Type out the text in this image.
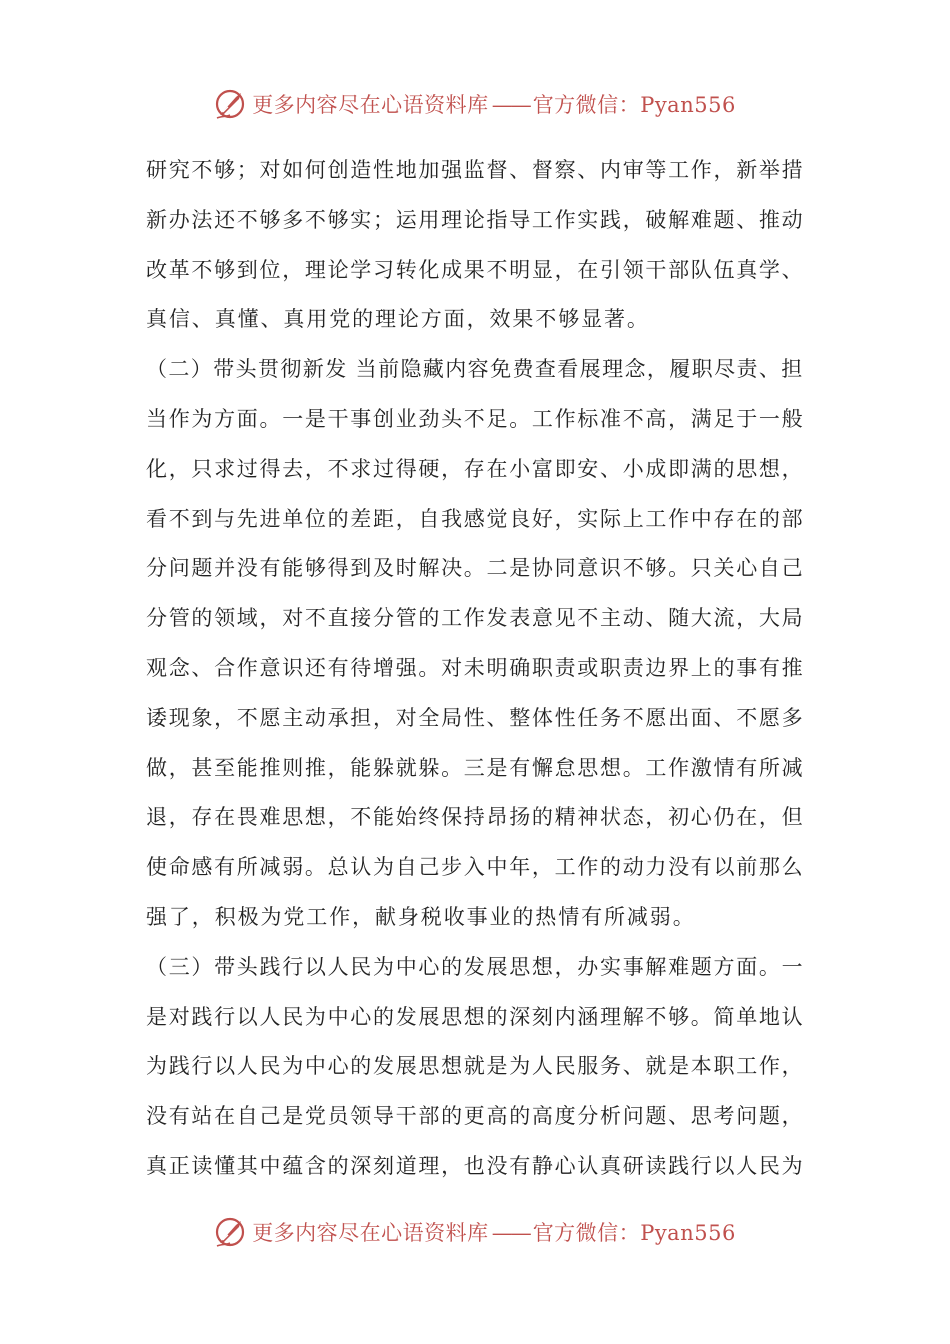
更多内容尽在心语资料库 —— 官方微信：Pyan556
研究不够；对如何创造性地加强监督、督察、内审等工作，新举措
新办法还不够多不够实；运用理论指导工作实践，破解难题、推动
改革不够到位，理论学习转化成果不明显，在引领干部队伍真学、
真信、真懂、真用党的理论方面，效果不够显著。
（二）带头贯彻新发 当前隐藏内容免费查看展理念，履职尽责、担
当作为方面。一是干事创业劲头不足。工作标准不高，满足于一般
化，只求过得去，不求过得硬，存在小富即安、小成即满的思想，
看不到与先进单位的差距，自我感觉良好，实际上工作中存在的部
分问题并没有能够得到及时解决。二是协同意识不够。只关心自己
分管的领域，对不直接分管的工作发表意见不主动、随大流，大局
观念、合作意识还有待增强。对未明确职责或职责边界上的事有推
诿现象，不愿主动承担，对全局性、整体性任务不愿出面、不愿多
做，甚至能推则推，能躲就躲。三是有懈怠思想。工作激情有所减
退，存在畏难思想，不能始终保持昂扬的精神状态，初心仍在，但
使命感有所减弱。总认为自己步入中年，工作的动力没有以前那么
强了，积极为党工作，献身税收事业的热情有所减弱。
（三）带头践行以人民为中心的发展思想，办实事解难题方面。一
是对践行以人民为中心的发展思想的深刻内涵理解不够。简单地认
为践行以人民为中心的发展思想就是为人民服务、就是本职工作，
没有站在自己是党员领导干部的更高的高度分析问题、思考问题，
真正读懂其中蕴含的深刻道理，也没有静心认真研读践行以人民为
更多内容尽在心语资料库 —— 官方微信：Pyan556
